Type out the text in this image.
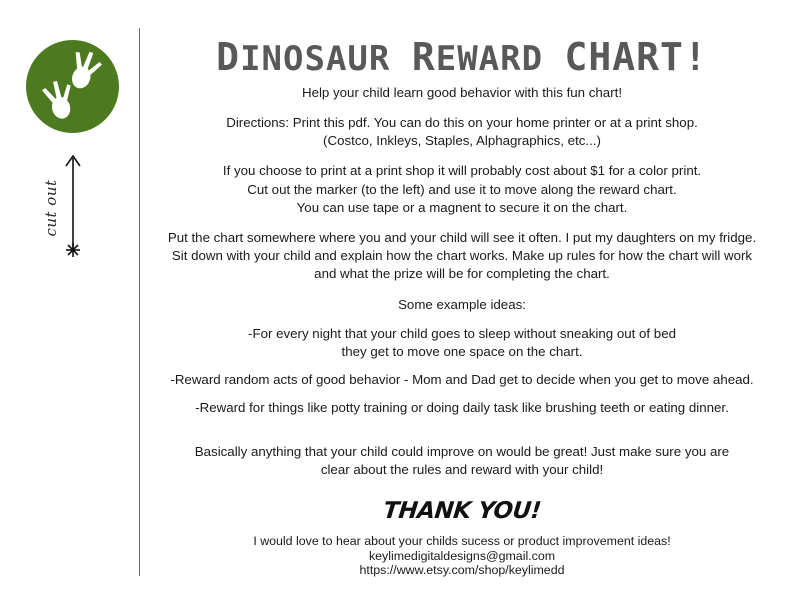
cut out
DINOSAUR REWARD CHART!

Help your child learn good behavior with this fun chart!

Directions: Print this pdf. You can do this on your home printer or at a print shop.
(Costco, Inkleys, Staples, Alphagraphics, etc...)

If you choose to print at a print shop it will probably cost about $1 for a color print.
Cut out the marker (to the left) and use it to move along the reward chart.
You can use tape or a magnent to secure it on the chart.

Put the chart somewhere where you and your child will see it often. I put my daughters on my fridge.
Sit down with your child and explain how the chart works. Make up rules for how the chart will work
and what the prize will be for completing the chart.

Some example ideas:

-For every night that your child goes to sleep without sneaking out of bed
they get to move one space on the chart.

-Reward random acts of good behavior - Mom and Dad get to decide when you get to move ahead.

-Reward for things like potty training or doing daily task like brushing teeth or eating dinner.

Basically anything that your child could improve on would be great! Just make sure you are
clear about the rules and reward with your child!

THANK YOU!
I would love to hear about your childs sucess or product improvement ideas!
keylimedigitaldesigns@gmail.com
https://www.etsy.com/shop/keylimedd
